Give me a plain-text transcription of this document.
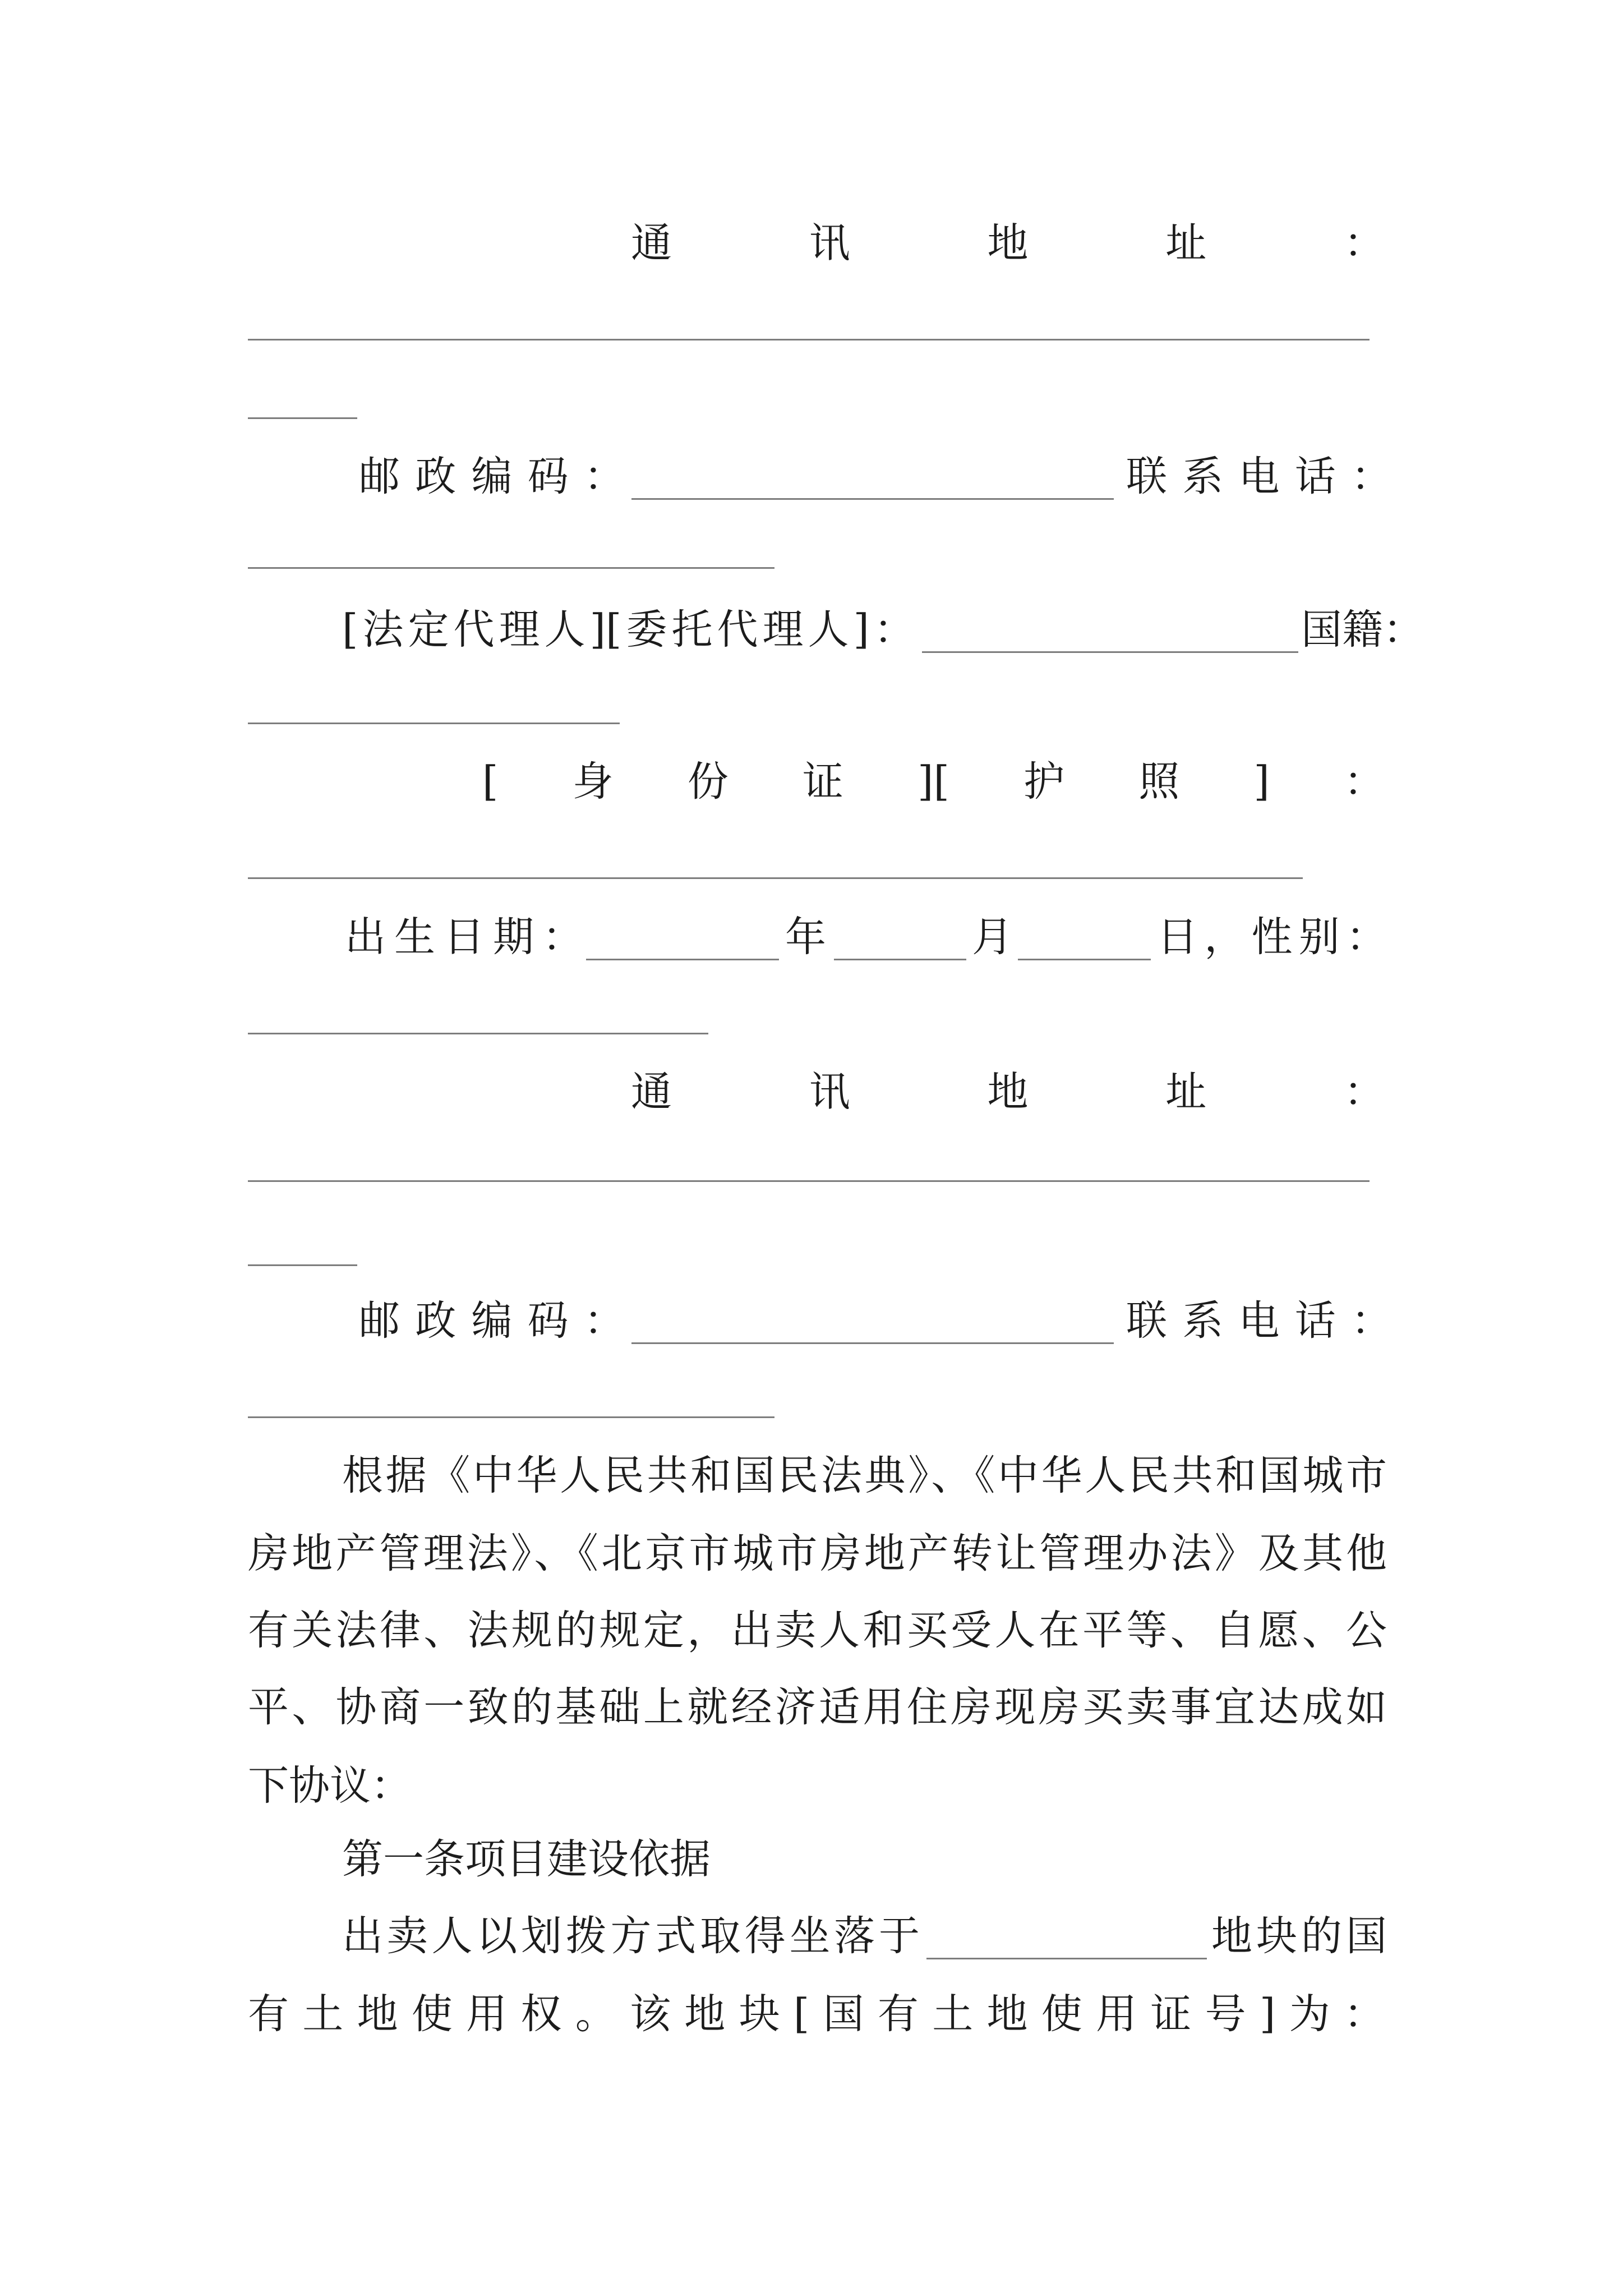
通讯地址：
邮政编码：	联系电话：
[法定代理人][委托代理人]：	国籍：
[身份证][护照]：
出生日期：	年	月	日，性别：
通讯地址：
邮政编码：	联系电话：
根据《中华人民共和国民法典》、《中华人民共和国城市
房地产管理法》、《北京市城市房地产转让管理办法》及其他
有关法律、法规的规定，出卖人和买受人在平等、自愿、公
平、协商一致的基础上就经济适用住房现房买卖事宜达成如
下协议：
第一条项目建设依据
出卖人以划拨方式取得坐落于	地块的国
有土地使用权。该地块[国有土地使用证号]为：
